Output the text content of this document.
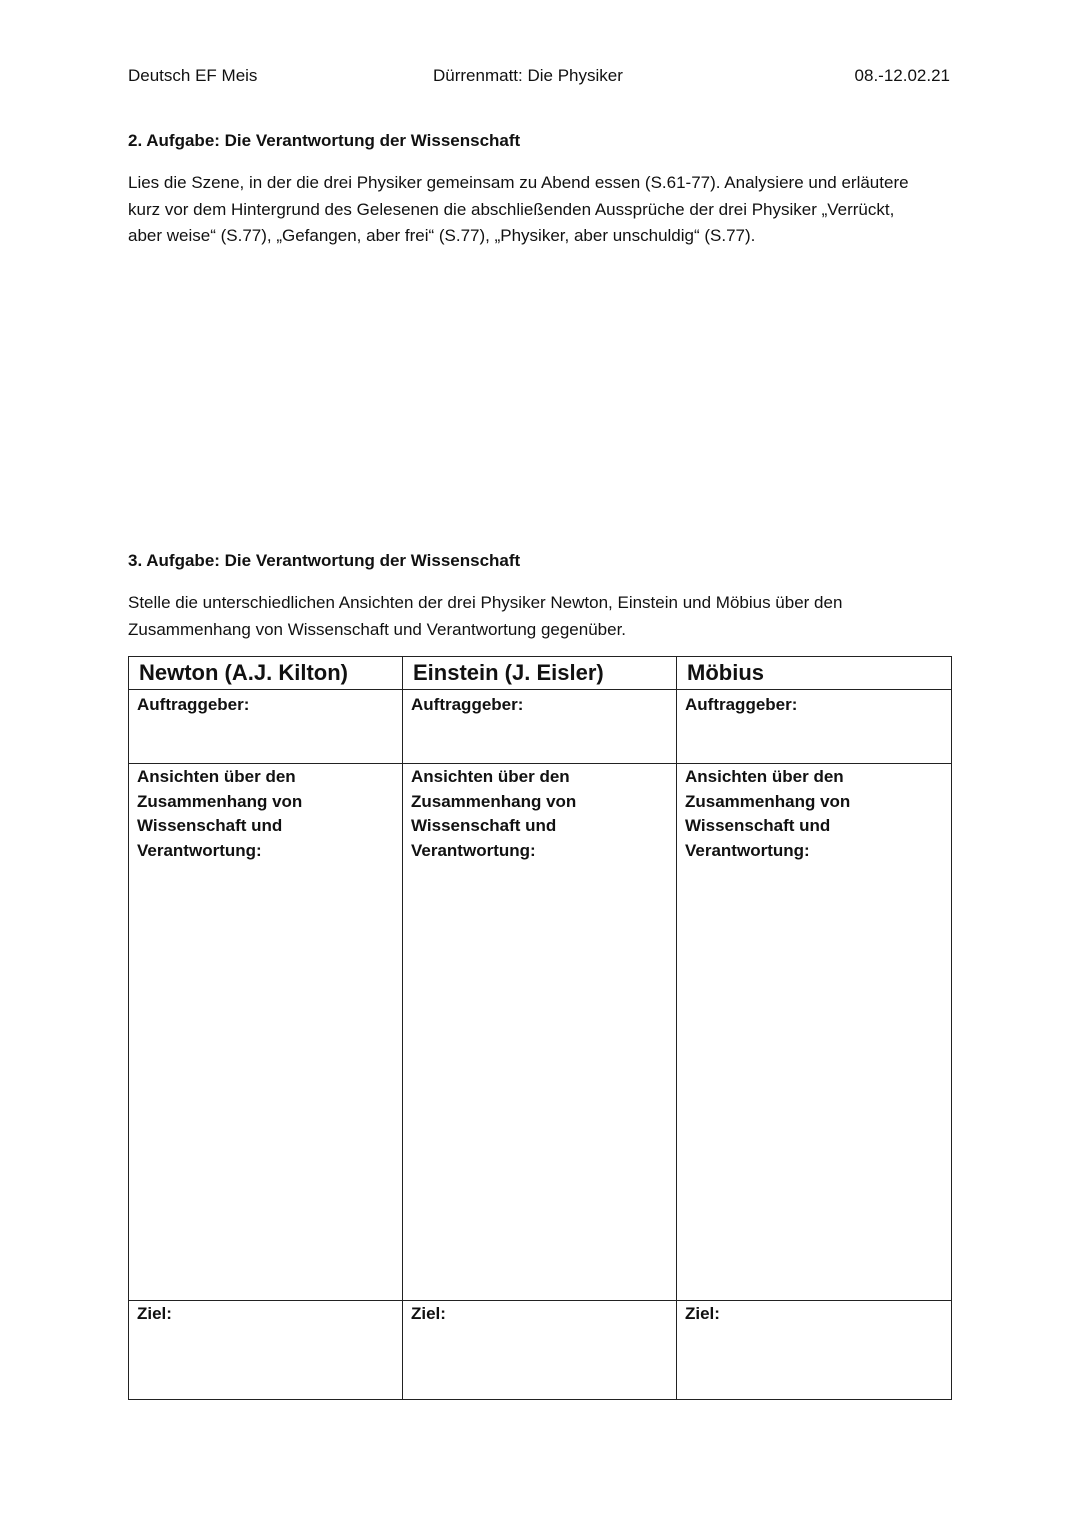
Deutsch EF Meis	Dürrenmatt: Die Physiker	08.-12.02.21
2. Aufgabe: Die Verantwortung der Wissenschaft
Lies die Szene, in der die drei Physiker gemeinsam zu Abend essen (S.61-77). Analysiere und erläutere
kurz vor dem Hintergrund des Gelesenen die abschließenden Aussprüche der drei Physiker „Verrückt,
aber weise“ (S.77), „Gefangen, aber frei“ (S.77), „Physiker, aber unschuldig“ (S.77).
3. Aufgabe: Die Verantwortung der Wissenschaft
Stelle die unterschiedlichen Ansichten der drei Physiker Newton, Einstein und Möbius über den
Zusammenhang von Wissenschaft und Verantwortung gegenüber.
Newton (A.J. Kilton)	Einstein (J. Eisler)	Möbius

Auftraggeber:	Auftraggeber:	Auftraggeber:

Ansichten über den
Zusammenhang von
Wissenschaft und
Verantwortung:	Ansichten über den
Zusammenhang von
Wissenschaft und
Verantwortung:	Ansichten über den
Zusammenhang von
Wissenschaft und
Verantwortung:

Ziel:	Ziel:	Ziel:
